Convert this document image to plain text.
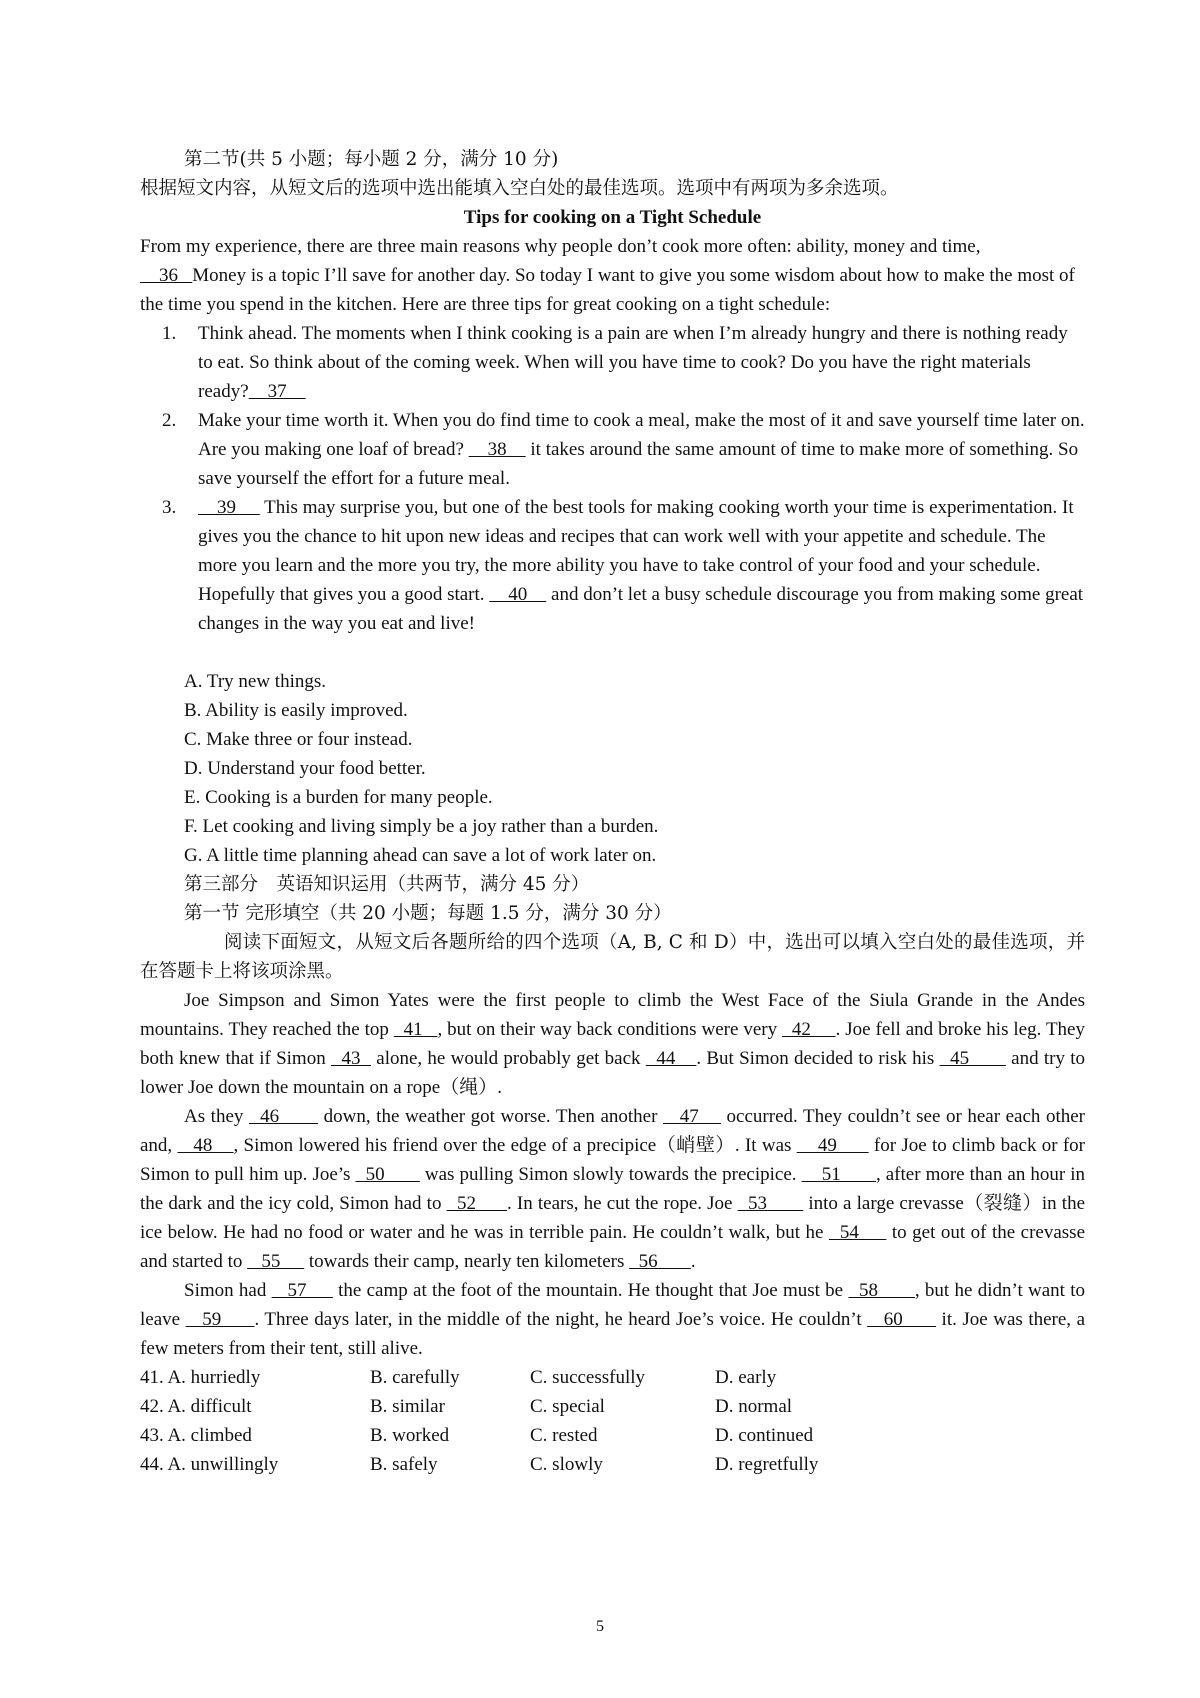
第二节(共 5 小题；每小题 2 分，满分 10 分)

根据短文内容，从短文后的选项中选出能填入空白处的最佳选项。选项中有两项为多余选项。

Tips for cooking on a Tight Schedule

From my experience, there are three main reasons why people don’t cook more often: ability, money and time,     36   Money is a topic I’ll save for another day. So today I want to give you some wisdom about how to make the most of the time you spend in the kitchen. Here are three tips for great cooking on a tight schedule:

1. Think ahead. The moments when I think cooking is a pain are when I’m already hungry and there is nothing ready to eat. So think about of the coming week. When will you have time to cook? Do you have the right materials ready?    37
2. Make your time worth it. When you do find time to cook a meal, make the most of it and save yourself time later on. Are you making one loaf of bread?     38     it takes around the same amount of time to make more of something. So save yourself the effort for a future meal.
3. 39      This may surprise you, but one of the best tools for making cooking worth your time is experimentation. It gives you the chance to hit upon new ideas and recipes that can work well with your appetite and schedule. The more you learn and the more you try, the more ability you have to take control of your food and your schedule.

Hopefully that gives you a good start.     40     and don’t let a busy schedule discourage you from making some great changes in the way you eat and live!

A. Try new things.

B. Ability is easily improved.

C. Make three or four instead.

D. Understand your food better.

E. Cooking is a burden for many people.

F. Let cooking and living simply be a joy rather than a burden.

G. A little time planning ahead can save a lot of work later on.

第三部分　英语知识运用（共两节，满分 45 分）

第一节 完形填空（共 20 小题；每题 1.5 分，满分 30 分）

阅读下面短文，从短文后各题所给的四个选项（A, B, C 和 D）中，选出可以填入空白处的最佳选项，并在答题卡上将该项涂黑。

Joe Simpson and Simon Yates were the first people to climb the West Face of the Siula Grande in the Andes mountains. They reached the top   41   , but on their way back conditions were very   42     . Joe fell and broke his leg. They both knew that if Simon   43   alone, he would probably get back   44    . But Simon decided to risk his   45        and try to lower Joe down the mountain on a rope（绳）.

As they   46        down, the weather got worse. Then another    47     occurred. They couldn’t see or hear each other and,    48    , Simon lowered his friend over the edge of a precipice（峭壁）. It was     49       for Joe to climb back or for Simon to pull him up. Joe’s   50        was pulling Simon slowly towards the precipice.     51       , after more than an hour in the dark and the icy cold, Simon had to   52      . In tears, he cut the rope. Joe   53        into a large crevasse（裂缝）in the ice below. He had no food or water and he was in terrible pain. He couldn’t walk, but he   54      to get out of the crevasse and started to    55      towards their camp, nearly ten kilometers   56       .

Simon had    57      the camp at the foot of the mountain. He thought that Joe must be   58       , but he didn’t want to leave    59      . Three days later, in the middle of the night, he heard Joe’s voice. He couldn’t    60       it. Joe was there, a few meters from their tent, still alive.

41. A. hurriedly	B. carefully	C. successfully	D. early
42. A. difficult	B. similar	C. special	D. normal
43. A. climbed	B. worked	C. rested	D. continued
44. A. unwillingly	B. safely	C. slowly	D. regretfully
5
